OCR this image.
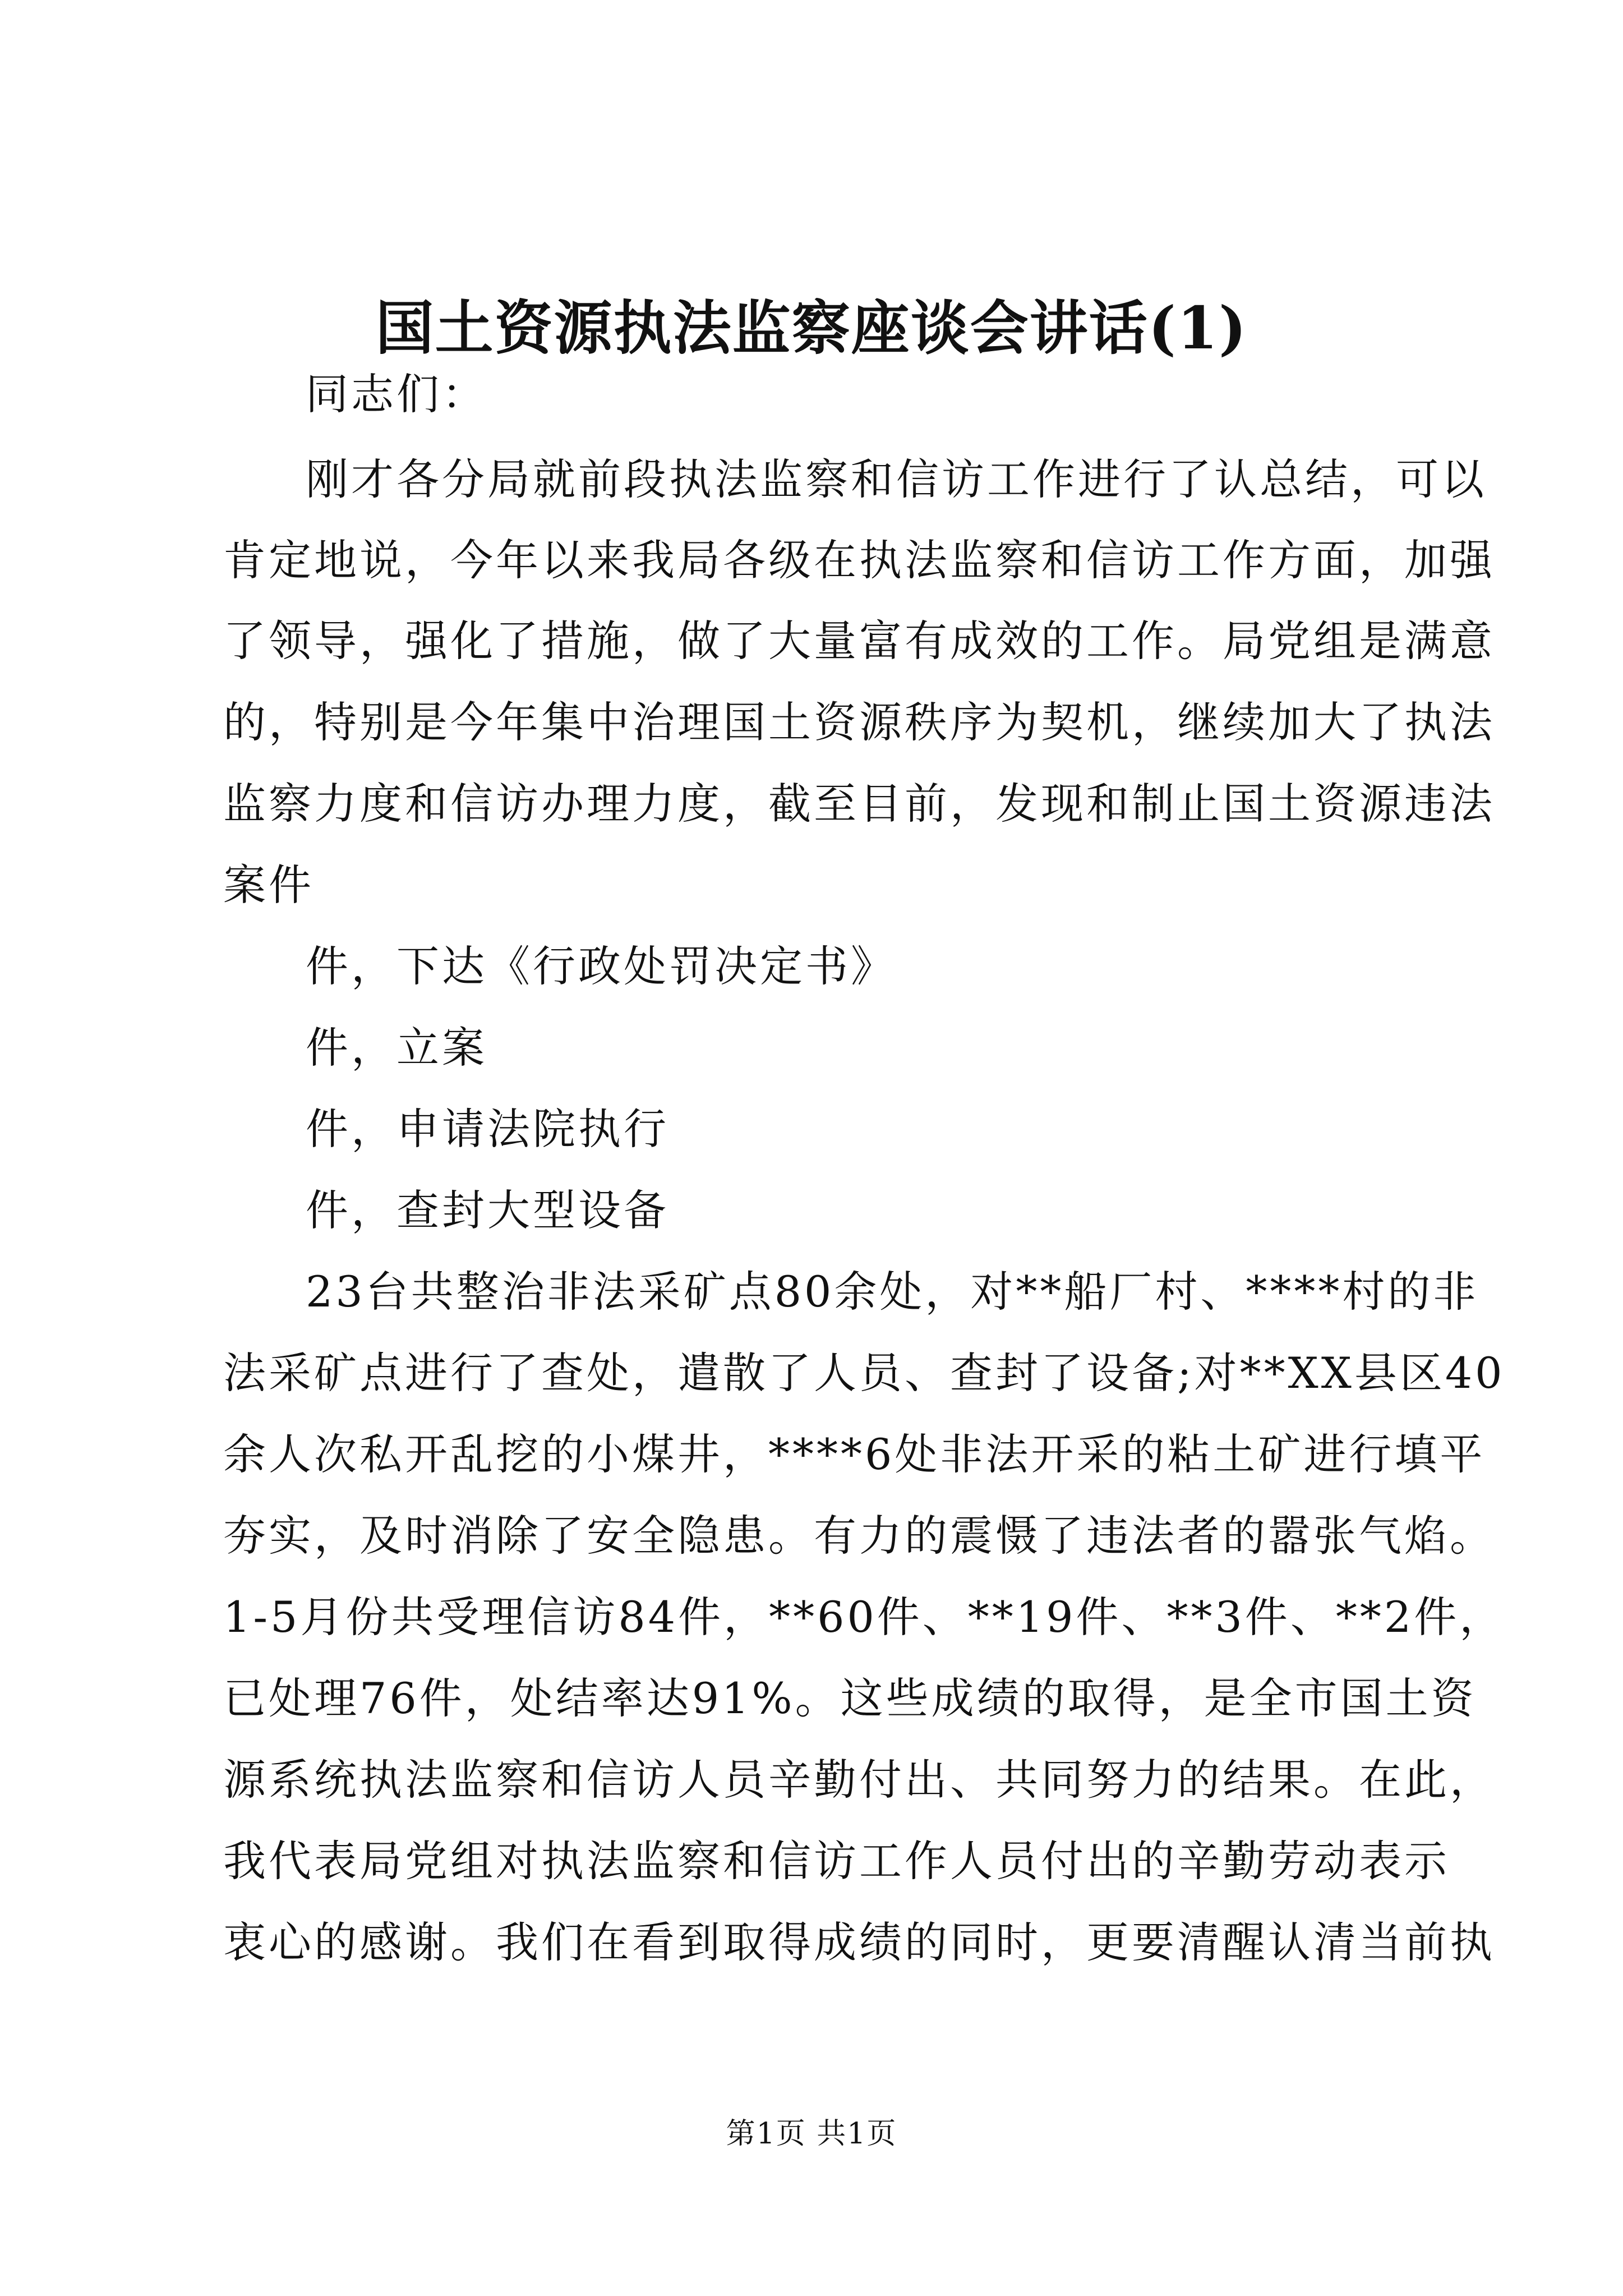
国土资源执法监察座谈会讲话(1)

同志们：

刚才各分局就前段执法监察和信访工作进行了认总结，可以

肯定地说，今年以来我局各级在执法监察和信访工作方面，加强

了领导，强化了措施，做了大量富有成效的工作。局党组是满意

的，特别是今年集中治理国土资源秩序为契机，继续加大了执法

监察力度和信访办理力度，截至目前，发现和制止国土资源违法

案件

件，下达《行政处罚决定书》

件，立案

件，申请法院执行

件，查封大型设备

23台共整治非法采矿点80余处，对**船厂村、****村的非

法采矿点进行了查处，遣散了人员、查封了设备;对**XX县区40

余人次私开乱挖的小煤井，****6处非法开采的粘土矿进行填平

夯实，及时消除了安全隐患。有力的震慑了违法者的嚣张气焰。

1-5月份共受理信访84件，**60件、**19件、**3件、**2件，

已处理76件，处结率达91%。这些成绩的取得，是全市国土资

源系统执法监察和信访人员辛勤付出、共同努力的结果。在此，

我代表局党组对执法监察和信访工作人员付出的辛勤劳动表示

衷心的感谢。我们在看到取得成绩的同时，更要清醒认清当前执

第1页 共1页
